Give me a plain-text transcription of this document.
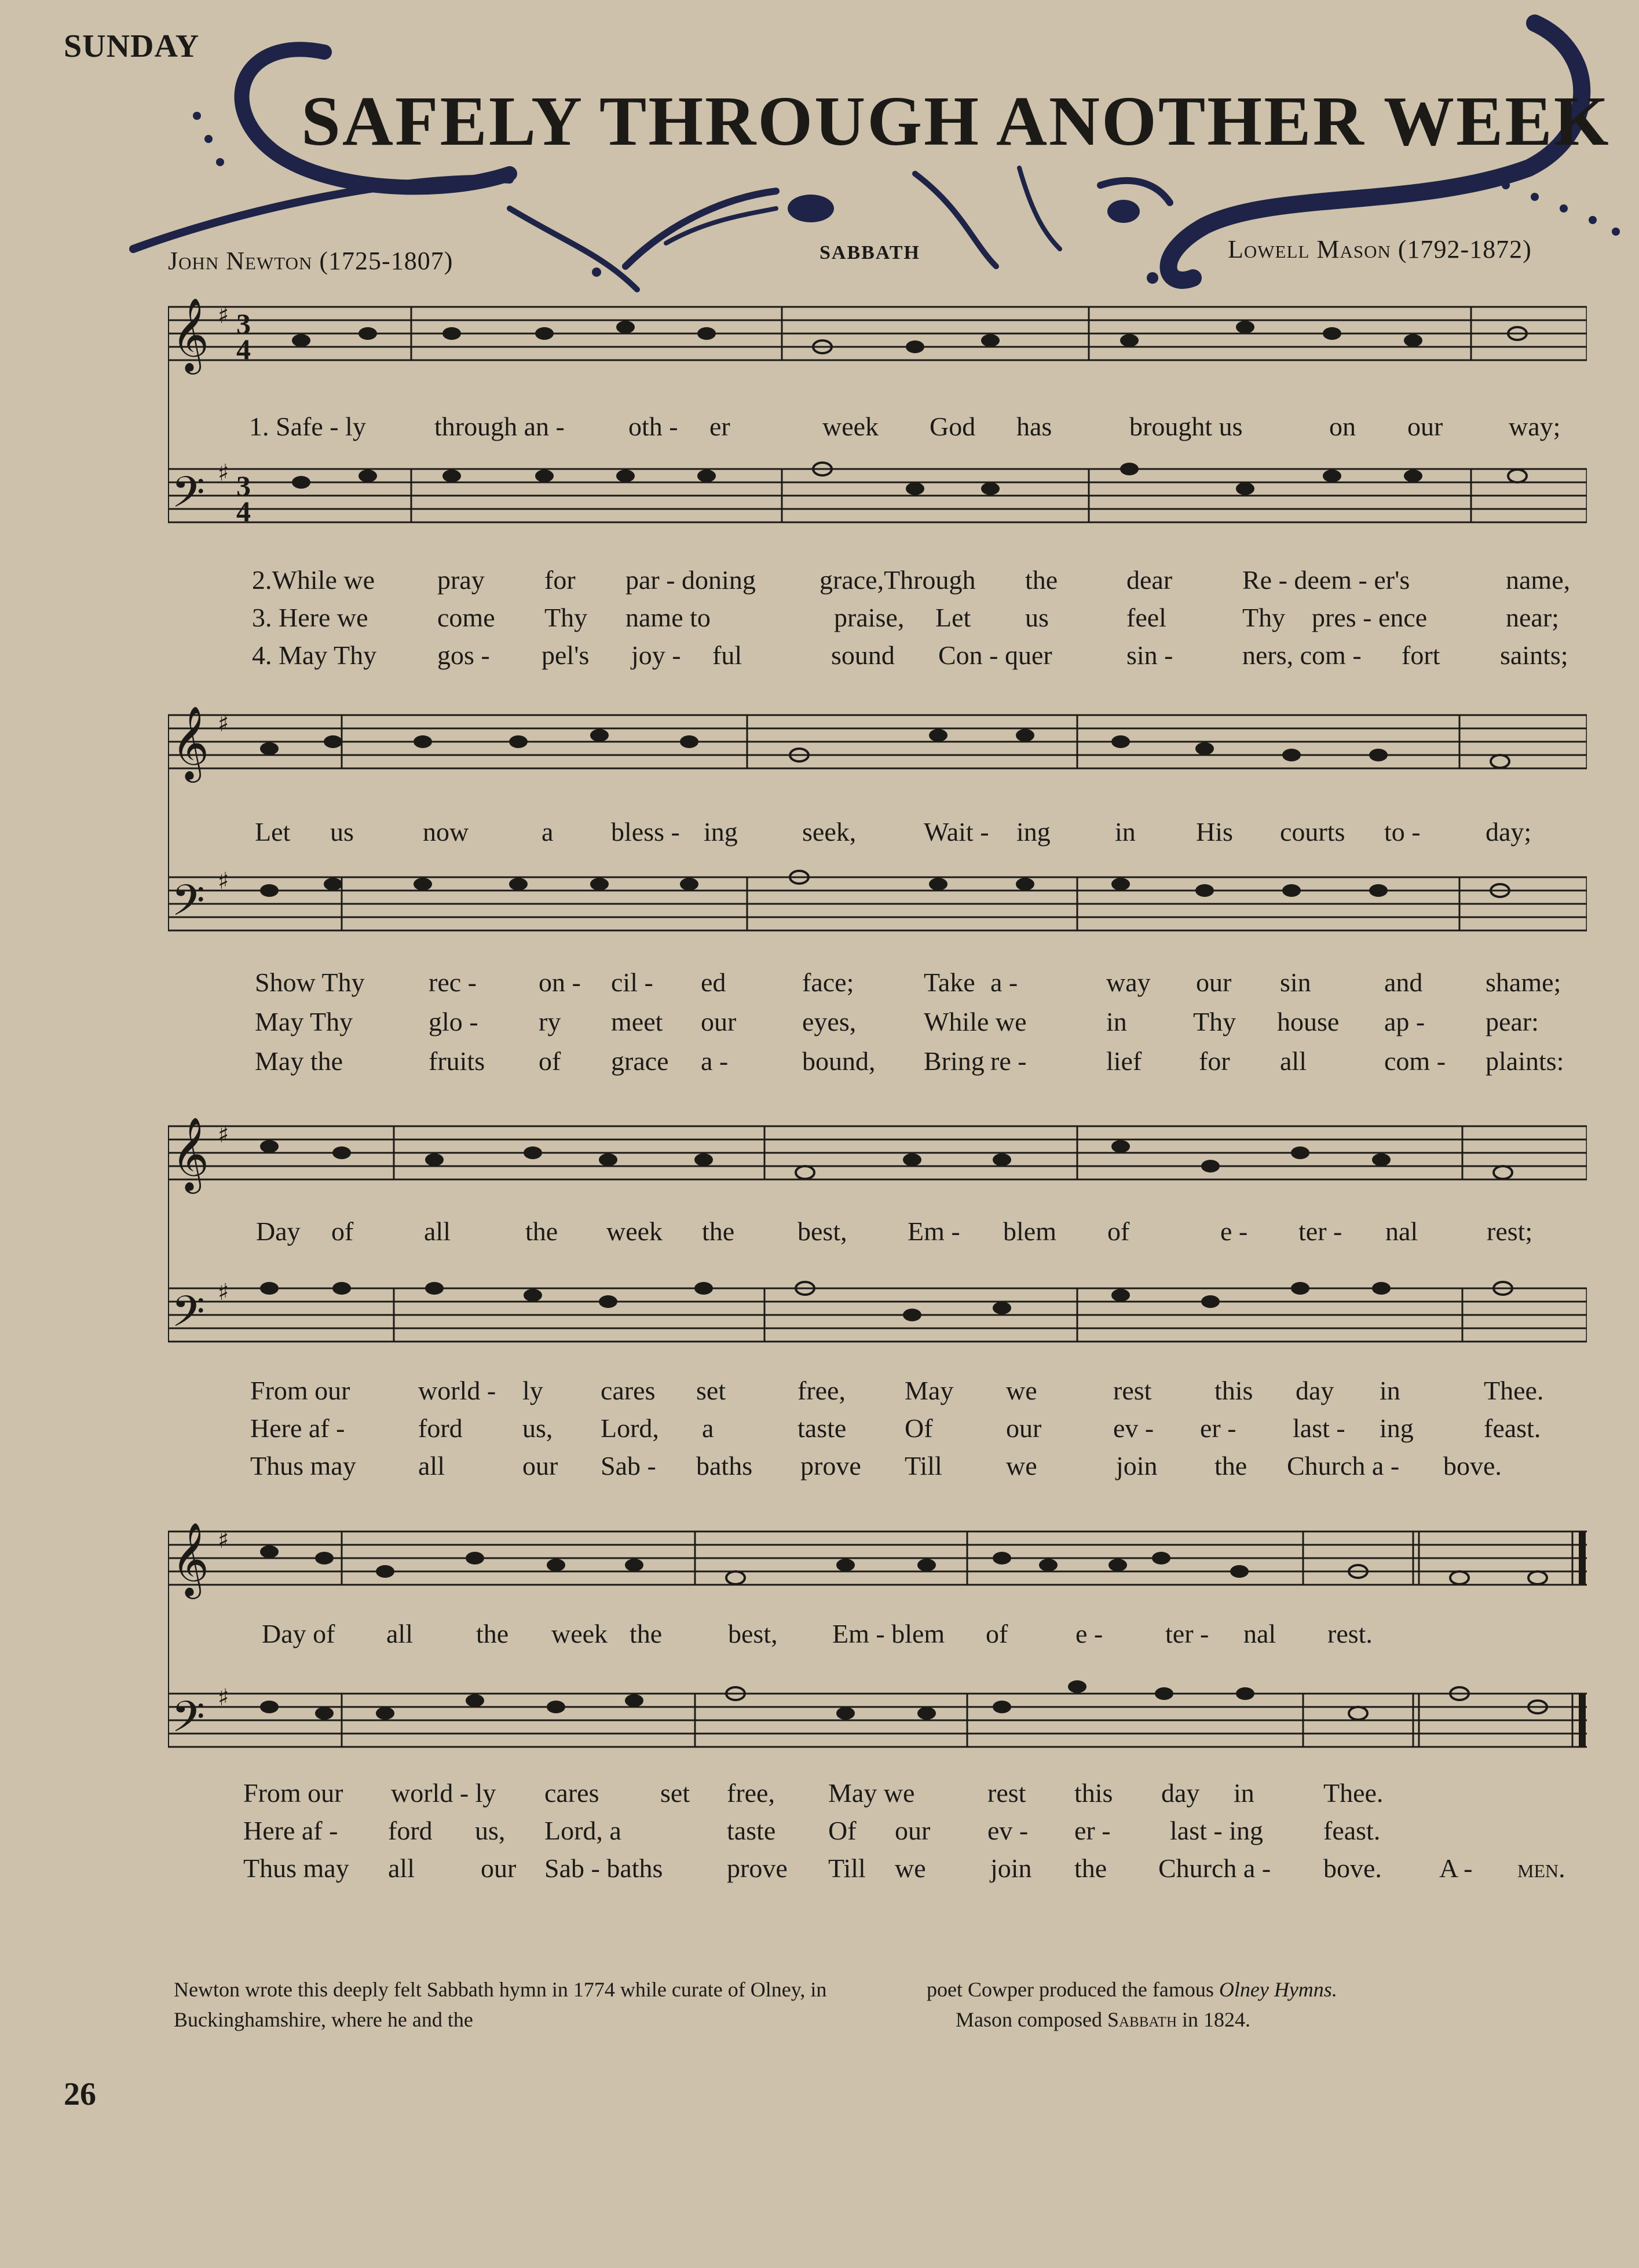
SUNDAY
SAFELY THROUGH ANOTHER WEEK
John Newton (1725-1807)	SABBATH	Lowell Mason (1792-1872)
𝄞
𝄢
♯
♯
3
4
3
4
1. Safe - ly	through an - oth - er	week God has	brought us	on our way;
2.While we pray for par - doning grace,Through the	dear	Re - deem - er's	name,
3. Here we	come Thy name to	praise, Let us	feel	Thy pres - ence	near;
4. May Thy gos - pel's joy - ful	sound Con - quer	sin -	ners, com - fort saints;
𝄞
𝄢
♯
♯
Let us	now	a bless - ing seek,	Wait - ing in His courts to - day;
Show Thy rec - on - cil - ed	face;	Take a -	way our sin	and shame;
May Thy	glo - ry meet our eyes,	While we	in Thy house ap - pear:
May the	fruits of grace a -	bound, Bring re -	lief for all	com - plaints:
𝄞
𝄢
♯
♯
Day of	all	the week the best, Em - blem of	e - ter - nal	rest;
From our	world - ly cares set	free, May we	rest this day in	Thee.
Here af -	ford us, Lord, a	taste Of	our	ev - er - last - ing	feast.
Thus may all	our Sab - baths prove Till we	join the Church a - bove.
𝄞
𝄢
♯
♯
Day of all the week the best, Em - blem of	e - ter - nal rest.
From our world - ly cares set free, May we	rest this day in	Thee.
Here af - ford us, Lord, a	taste Of our ev - er - last - ing feast.
Thus may all our Sab - baths prove Till we join the Church a - bove. A - men.
Newton wrote this deeply felt Sabbath hymn in 1774 while curate of Olney, in Buckinghamshire, where he and the
poet Cowper produced the famous Olney Hymns.
Mason composed Sabbath in 1824.
26
